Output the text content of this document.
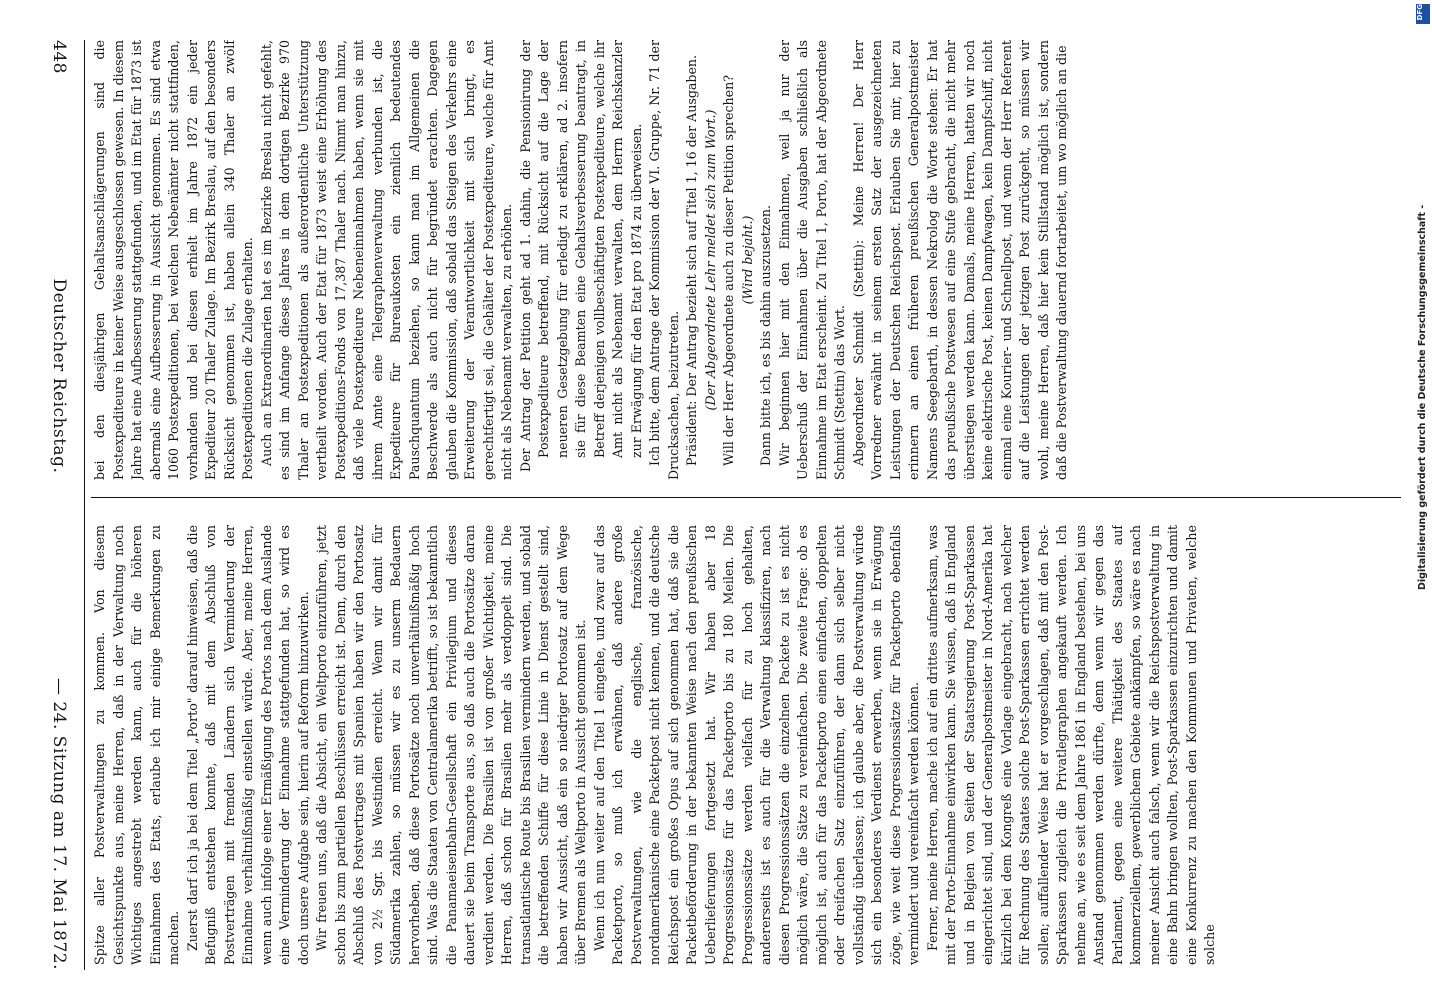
bei den diesjährigen Gehaltsanschlägerungen sind die Postexpediteure in keiner Weise ausgeschlossen gewesen. In diesem Jahre hat eine Aufbesserung stattgefunden, und im Etat für 1873 ist abermals eine Aufbesserung in Aussicht genommen. Es sind etwa 1060 Postexpeditionen, bei welchen Nebenämter nicht stattfinden, vorhanden und bei diesen erhielt im Jahre 1872 ein jeder Expediteur 20 Thaler Zulage. Im Bezirk Breslau, auf den besonders Rücksicht genommen ist, haben allein 340 Thaler an zwölf Postexpeditionen die Zulage erhalten. Auch an Extraordinarien hat es im Bezirke Breslau nicht gefehlt, es sind im Anfange dieses Jahres in dem dortigen Bezirke 970 Thaler an Postexpeditionen als außerordentliche Unterstützung vertheilt worden. Auch der Etat für 1873 weist eine Erhöhung des Postexpeditions-Fonds von 17,387 Thaler nach. Nimmt man hinzu, daß viele Postexpediteure Nebeneinnahmen haben, wenn sie mit ihrem Amte eine Telegraphenverwaltung verbunden ist, die Expediteure für Bureaukosten ein ziemlich bedeutendes Pauschquantum beziehen, so kann man im Allgemeinen die Beschwerde als auch nicht für begründet erachten. Dagegen glauben die Kommission, daß sobald das Steigen des Verkehrs eine Erweiterung der Verantwortlichkeit mit sich bringt, es gerechtfertigt sei, die Gehälter der Postexpediteure, welche für Amt nicht als Nebenamt verwalten, zu erhöhen. Der Antrag der Petition geht ad 1. dahin, die Pensionirung der Postexpediteure betreffend, mit Rücksicht auf die Lage der neueren Gesetzgebung für erledigt zu erklären, ad 2. insofern sie für diese Beamten eine Gehaltsverbesserung beantragt, in Betreff derjenigen vollbeschäftigten Postexpediteure, welche ihr Amt nicht als Nebenamt verwalten, dem Herrn Reichskanzler zur Erwägung für den Etat pro 1874 zu überweisen. Ich bitte, dem Antrage der Kommission der VI. Gruppe, Nr. 71 der Drucksachen, beizutreten. Präsident: Der Antrag bezieht sich auf Titel 1, 16 der Ausgaben. (Der Abgeordnete Lehr meldet sich zum Wort.) Will der Herr Abgeordnete auch zu dieser Petition sprechen? (Wird bejaht.) Dann bitte ich, es bis dahin auszusetzen. Wir beginnen hier mit den Einnahmen, weil ja nur der Ueberschuß der Einnahmen über die Ausgaben schließlich als Einnahme im Etat erscheint. Zu Titel 1, Porto, hat der Abgeordnete Schmidt (Stettin) das Wort. Abgeordneter Schmidt (Stettin): Meine Herren! Der Herr Vorredner erwähnt in seinem ersten Satz der ausgezeichneten Leistungen der Deutschen Reichspost. Erlauben Sie mir, hier zu erinnern an einen früheren preußischen Generalpostmeister Namens Seegebarth, in dessen Nekrolog die Worte stehen: Er hat das preußische Postwesen auf eine Stufe gebracht, die nicht mehr überstiegen werden kann. Damals, meine Herren, hatten wir noch keine elektrische Post, keinen Dampfwagen, kein Dampfschiff, nicht einmal eine Kourier- und Schnellpost, und wenn der Herr Referent auf die Leistungen der jetzigen Post zurückgeht, so müssen wir wohl, meine Herren, daß hier kein Stillstand möglich ist, sondern daß die Postverwaltung dauernd fortarbeitet, um wo möglich an die

Spitze aller Postverwaltungen zu kommen. Von diesem Gesichtspunkte aus, meine Herren, daß in der Verwaltung noch Wichtiges angestrebt werden kann, auch für die höheren Einnahmen des Etats, erlaube ich mir einige Bemerkungen zu machen. Zuerst darf ich ja bei dem Titel „Porto" darauf hinweisen, daß die Befugniß entstehen konnte, daß mit dem Abschluß von Postverträgen mit fremden Ländern sich Verminderung der Einnahme verhältnißmäßig einstellen würde. Aber, meine Herren, wenn auch infolge einer Ermäßigung des Portos nach dem Auslande eine Verminderung der Einnahme stattgefunden hat, so wird es doch unsere Aufgabe sein, hierin auf Reform hinzuwirken. Wir freuen uns, daß die Absicht, ein Weltporto einzuführen, jetzt schon bis zum partiellen Beschlüssen erreicht ist. Denn, durch den Abschluß des Postvertrages mit Spanien haben wir den Portosatz von 2½ Sgr. bis Westindien erreicht. Wenn wir damit für Südamerika zahlen, so müssen wir es zu unserm Bedauern hervorheben, daß diese Portosätze noch unverhältnißmäßig hoch sind. Was die Staaten von Centralamerika betrifft, so ist bekanntlich die Panamaeisenbahn-Gesellschaft ein Privilegium und dieses dauert sie beim Transporte aus, so daß auch die Portosätze daran verdient werden. Die Brasilien ist von großer Wichtigkeit, meine Herren, daß schon für Brasilien mehr als verdoppelt sind. Die transatlantische Route bis Brasilien vermindern werden, und sobald die betreffenden Schiffe für diese Linie in Dienst gestellt sind, haben wir Aussicht, daß ein so niedriger Portosatz auf dem Wege über Bremen als Weltporto in Aussicht genommen ist. Wenn ich nun weiter auf den Titel 1 eingehe, und zwar auf das Packetporto, so muß ich erwähnen, daß andere große Postverwaltungen, wie die englische, französische, nordamerikanische eine Packetpost nicht kennen, und die deutsche Reichspost ein großes Opus auf sich genommen hat, daß sie die Packetbeförderung in der bekannten Weise nach den preußischen Ueberlieferungen fortgesetzt hat. Wir haben aber 18 Progressionssätze für das Packetporto bis zu 180 Meilen. Die Progressionssätze werden vielfach für zu hoch gehalten, andererseits ist es auch für die Verwaltung klassifiziren, nach diesen Progressionssätzen die einzelnen Packete zu ist es nicht möglich wäre, die Sätze zu vereinfachen. Die zweite Frage: ob es möglich ist, auch für das Packetporto einen einfachen, doppelten oder dreifachen Satz einzuführen, der dann sich selber nicht vollständig überlassen; ich glaube aber, die Postverwaltung würde sich ein besonderes Verdienst erwerben, wenn sie in Erwägung zöge, wie weit diese Progressionssätze für Packetporto ebenfalls vermindert und vereinfacht werden können. Ferner, meine Herren, mache ich auf ein drittes aufmerksam, was mit der Porto-Einnahme einwirken kann. Sie wissen, daß in England und in Belgien von Seiten der Staatsregierung Post-Sparkassen eingerichtet sind, und der Generalpostmeister in Nord-Amerika hat kürzlich bei dem Kongreß eine Vorlage eingebracht, nach welcher für Rechnung des Staates solche Post-Sparkassen errichtet werden sollen; auffallender Weise hat er vorgeschlagen, daß mit den Post-Sparkassen zugleich die Privatlegraphen angekauft werden. Ich nehme an, wie es seit dem Jahre 1861 in England bestehen, bei uns Anstand genommen werden dürfte, denn wenn wir gegen das Parlament, gegen eine weitere Thätigkeit des Staates auf kommerziellem, gewerblichem Gebiete ankämpfen, so wäre es nach meiner Ansicht auch falsch, wenn wir die Reichspostverwaltung in eine Bahn bringen wollten, Post-Sparkassen einzurichten und damit eine Konkurrenz zu machen den Kommunen und Privaten, welche solche

448
Deutscher Reichstag.
— 24. Sitzung am 17. Mai 1872.
DFG
Digitalisierung gefördert durch die Deutsche Forschungsgemeinschaft -
